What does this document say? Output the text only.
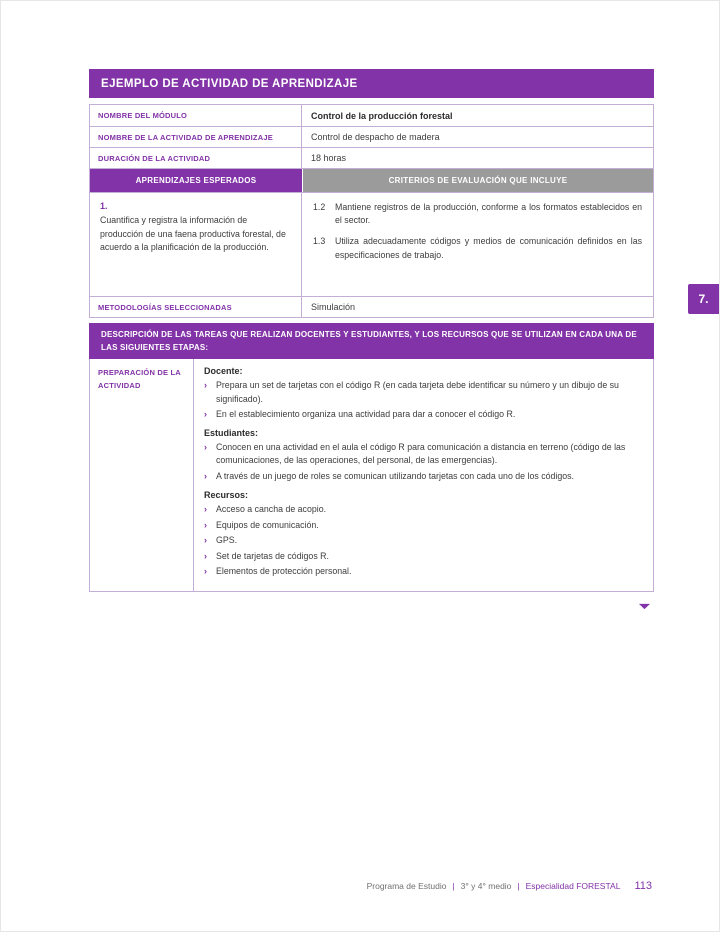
EJEMPLO DE ACTIVIDAD DE APRENDIZAJE
NOMBRE DEL MÓDULO	Control de la producción forestal
NOMBRE DE LA ACTIVIDAD DE APRENDIZAJE	Control de despacho de madera
DURACIÓN DE LA ACTIVIDAD	18 horas
APRENDIZAJES ESPERADOS	CRITERIOS DE EVALUACIÓN QUE INCLUYE
1.
Cuantifica y registra la información de producción de una faena productiva forestal, de acuerdo a la planificación de la producción.
1.2	Mantiene registros de la producción, conforme a los formatos establecidos en el sector.
1.3	Utiliza adecuadamente códigos y medios de comunicación definidos en las especificaciones de trabajo.
METODOLOGÍAS SELECCIONADAS	Simulación
DESCRIPCIÓN DE LAS TAREAS QUE REALIZAN DOCENTES Y ESTUDIANTES, Y LOS RECURSOS QUE SE UTILIZAN EN CADA UNA DE LAS SIGUIENTES ETAPAS:
PREPARACIÓN DE LA ACTIVIDAD
Docente:
›	Prepara un set de tarjetas con el código R (en cada tarjeta debe identificar su número y un dibujo de su significado).
›	En el establecimiento organiza una actividad para dar a conocer el código R.
Estudiantes:
›	Conocen en una actividad en el aula el código R para comunicación a distancia en terreno (código de las comunicaciones, de las operaciones, del personal, de las emergencias).
›	A través de un juego de roles se comunican utilizando tarjetas con cada uno de los códigos.
Recursos:
›	Acceso a cancha de acopio.
›	Equipos de comunicación.
›	GPS.
›	Set de tarjetas de códigos R.
›	Elementos de protección personal.
▼
7.
Programa de Estudio | 3° y 4° medio | Especialidad FORESTAL 113
